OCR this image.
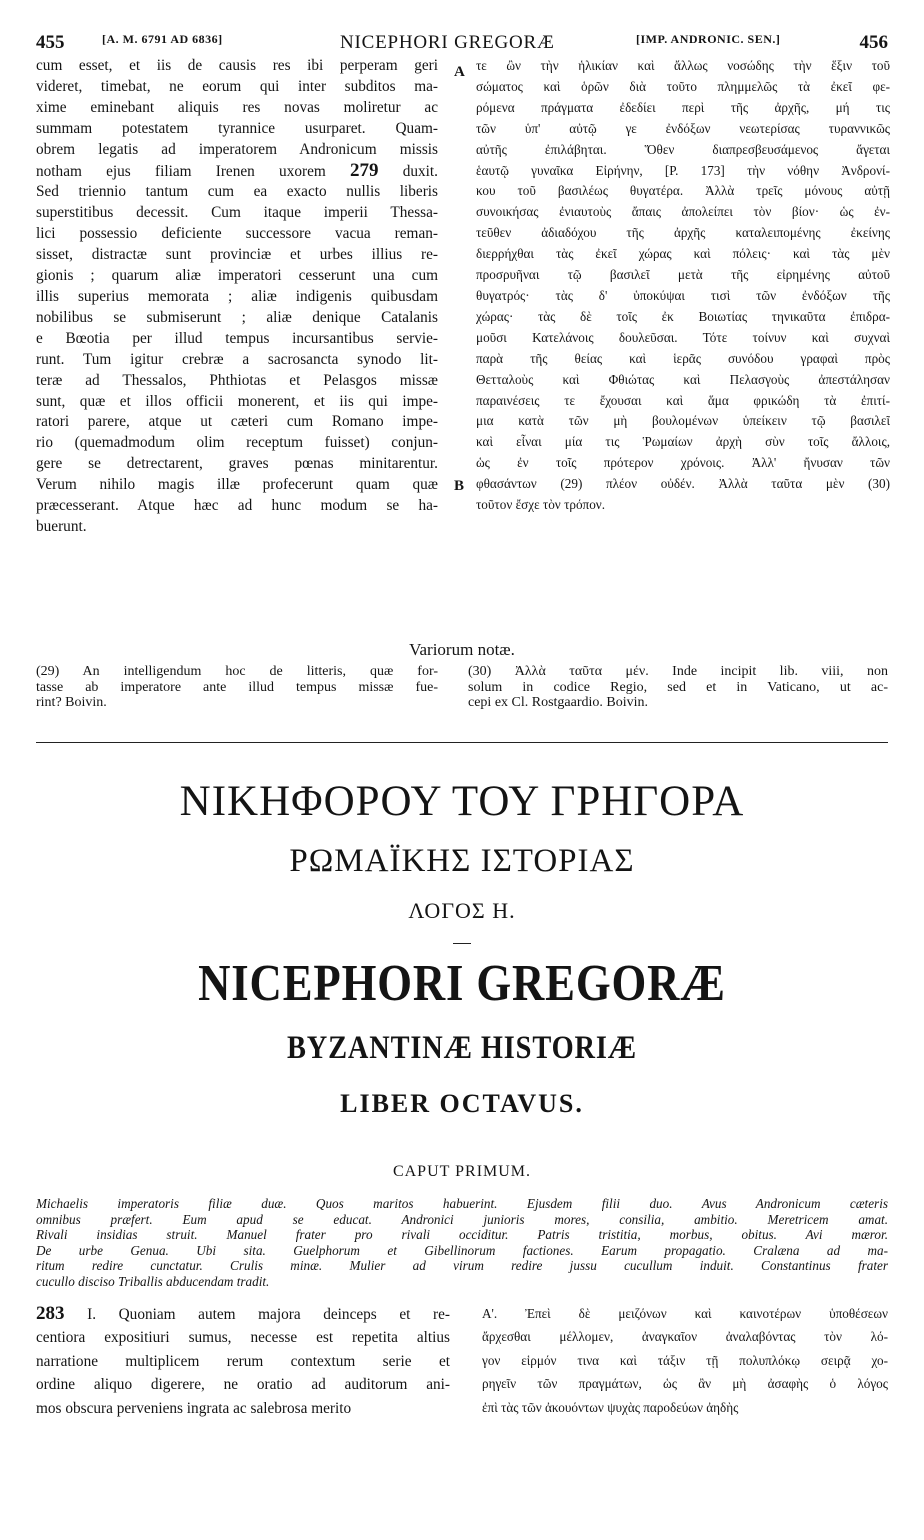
455	[A. M. 6791 AD 6836]	NICEPHORI GREGORÆ	[IMP. ANDRONIC. SEN.]	456
cum esset, et iis de causis res ibi perperam geri
videret, timebat, ne eorum qui inter subditos ma-
xime eminebant aliquis res novas moliretur ac
summam potestatem tyrannice usurparet. Quam-
obrem legatis ad imperatorem Andronicum missis
notham ejus filiam Irenen uxorem 279 duxit.
Sed triennio tantum cum ea exacto nullis liberis
superstitibus decessit. Cum itaque imperii Thessa-
lici possessio deficiente successore vacua reman-
sisset, distractæ sunt provinciæ et urbes illius re-
gionis ; quarum aliæ imperatori cesserunt una cum
illis superius memorata ; aliæ indigenis quibusdam
nobilibus se submiserunt ; aliæ denique Catalanis
e Bœotia per illud tempus incursantibus servie-
runt. Tum igitur crebræ a sacrosancta synodo lit-
teræ ad Thessalos, Phthiotas et Pelasgos missæ
sunt, quæ et illos officii monerent, et iis qui impe-
ratori parere, atque ut cæteri cum Romano impe-
rio (quemadmodum olim receptum fuisset) conjun-
gere se detrectarent, graves pœnas minitarentur.
Verum nihilo magis illæ profecerunt quam quæ
præcesserant. Atque hæc ad hunc modum se ha-
buerunt.
A
B
τε ὢν τὴν ἡλικίαν καὶ ἄλλως νοσώδης τὴν ἕξιν τοῦ
σώματος καὶ ὁρῶν διὰ τοῦτο πλημμελῶς τὰ ἐκεῖ φε-
ρόμενα πράγματα ἐδεδίει περὶ τῆς ἀρχῆς, μή τις
τῶν ὑπ' αὐτῷ γε ἐνδόξων νεωτερίσας τυραννικῶς
αὐτῆς ἐπιλάβηται. Ὅθεν διαπρεσβευσάμενος ἄγεται
ἑαυτῷ γυναῖκα Εἰρήνην, [P. 173] τὴν νόθην Ἀνδρονί-
κου τοῦ βασιλέως θυγατέρα. Ἀλλὰ τρεῖς μόνους αὐτῇ
συνοικήσας ἐνιαυτοὺς ἄπαις ἀπολείπει τὸν βίον· ὡς ἐν-
τεῦθεν ἀδιαδόχου τῆς ἀρχῆς καταλειπομένης ἐκείνης
διερρήχθαι τὰς ἐκεῖ χώρας καὶ πόλεις· καὶ τὰς μὲν
προσρυῆναι τῷ βασιλεῖ μετὰ τῆς εἰρημένης αὐτοῦ
θυγατρός· τὰς δ' ὑποκύψαι τισὶ τῶν ἐνδόξων τῆς
χώρας· τὰς δὲ τοῖς ἐκ Βοιωτίας τηνικαῦτα ἐπιδρα-
μοῦσι Κατελάνοις δουλεῦσαι. Τότε τοίνυν καὶ συχναὶ
παρὰ τῆς θείας καὶ ἱερᾶς συνόδου γραφαὶ πρὸς
Θετταλοὺς καὶ Φθιώτας καὶ Πελασγοὺς ἀπεστάλησαν
παραινέσεις τε ἔχουσαι καὶ ἅμα φρικώδη τὰ ἐπιτί-
μια κατὰ τῶν μὴ βουλομένων ὑπείκειν τῷ βασιλεῖ
καὶ εἶναι μία τις Ῥωμαίων ἀρχὴ σὺν τοῖς ἄλλοις,
ὡς ἐν τοῖς πρότερον χρόνοις. Ἀλλ' ἤνυσαν τῶν
φθασάντων (29) πλέον οὐδέν. Ἀλλὰ ταῦτα μὲν (30)
τοῦτον ἔσχε τὸν τρόπον.
Variorum notæ.
(29) An intelligendum hoc de litteris, quæ for-
tasse ab imperatore ante illud tempus missæ fue-
rint? Boivin.
(30) Ἀλλὰ ταῦτα μέν. Inde incipit lib. viii, non
solum in codice Regio, sed et in Vaticano, ut ac-
cepi ex Cl. Rostgaardio. Boivin.
ΝΙΚΗΦΟΡΟΥ ΤΟΥ ΓΡΗΓΟΡΑ
ΡΩΜΑΪΚΗΣ ΙΣΤΟΡΙΑΣ
ΛΟΓΟΣ Η.
NICEPHORI GREGORÆ
BYZANTINÆ HISTORIÆ
LIBER OCTAVUS.
CAPUT PRIMUM.
Michaelis imperatoris filiæ duæ. Quos maritos habuerint. Ejusdem filii duo. Avus Andronicum cæteris
omnibus præfert. Eum apud se educat. Andronici junioris mores, consilia, ambitio. Meretricem amat.
Rivali insidias struit. Manuel frater pro rivali occiditur. Patris tristitia, morbus, obitus. Avi mæror.
De urbe Genua. Ubi sita. Guelphorum et Gibellinorum factiones. Earum propagatio. Cralæna ad ma-
ritum redire cunctatur. Crulis minæ. Mulier ad virum redire jussu cucullum induit. Constantinus frater
cucullo disciso Triballis abducendam tradit.
283 I. Quoniam autem majora deinceps et re-
centiora expositiuri sumus, necesse est repetita altius
narratione multiplicem rerum contextum serie et
ordine aliquo digerere, ne oratio ad auditorum ani-
mos obscura perveniens ingrata ac salebrosa merito
Α'. Ἐπεὶ δὲ μειζόνων καὶ καινοτέρων ὑποθέσεων
ἄρχεσθαι μέλλομεν, ἀναγκαῖον ἀναλαβόντας τὸν λό-
γον εἱρμόν τινα καὶ τάξιν τῇ πολυπλόκῳ σειρᾷ χο-
ρηγεῖν τῶν πραγμάτων, ὡς ἂν μὴ ἀσαφὴς ὁ λόγος
ἐπὶ τὰς τῶν ἀκουόντων ψυχὰς παροδεύων ἀηδὴς
